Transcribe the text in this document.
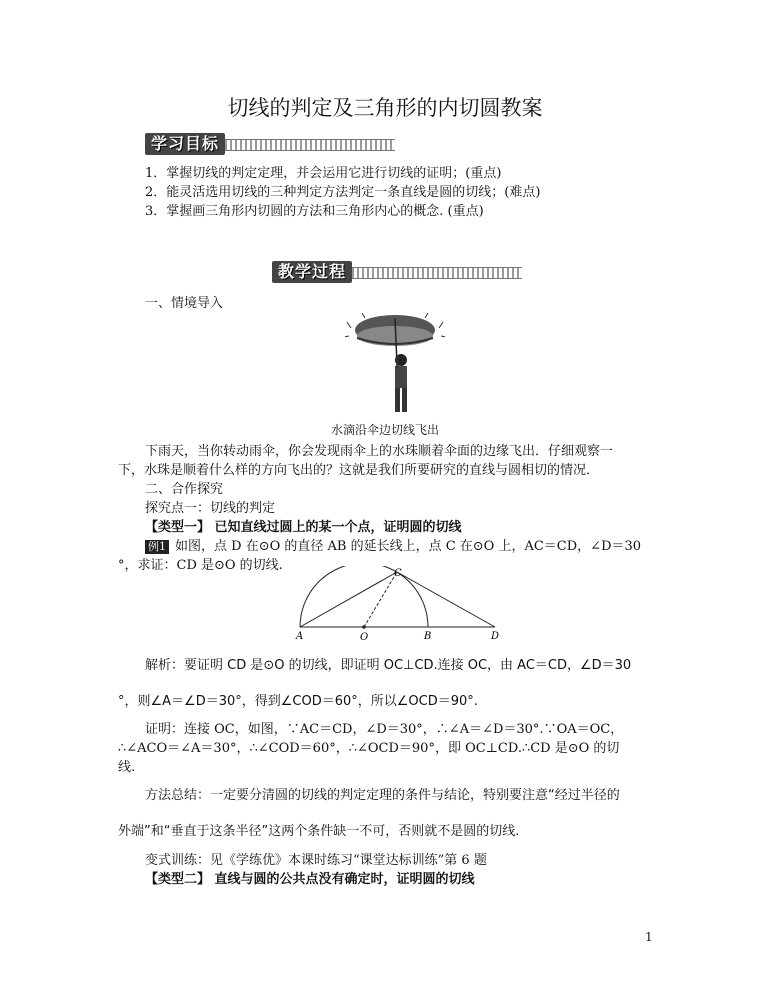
切线的判定及三角形的内切圆教案
学习目标
1．掌握切线的判定定理，并会运用它进行切线的证明；(重点)
2．能灵活选用切线的三种判定方法判定一条直线是圆的切线；(难点)
3．掌握画三角形内切圆的方法和三角形内心的概念. (重点)
教学过程
一、情境导入
水滴沿伞边切线飞出
下雨天，当你转动雨伞，你会发现雨伞上的水珠顺着伞面的边缘飞出．仔细观察一
下，水珠是顺着什么样的方向飞出的？这就是我们所要研究的直线与圆相切的情况．
二、合作探究
探究点一：切线的判定
【类型一】 已知直线过圆上的某一个点，证明圆的切线
例1 如图，点 D 在⊙O 的直径 AB 的延长线上，点 C 在⊙O 上，AC＝CD，∠D＝30
°，求证：CD 是⊙O 的切线.
A	O	B	D
C
解析：要证明 CD 是⊙O 的切线，即证明 OC⊥CD.连接 OC，由 AC＝CD，∠D＝30
°，则∠A＝∠D＝30°，得到∠COD＝60°，所以∠OCD＝90°.
证明：连接 OC，如图，∵AC＝CD，∠D＝30°，∴∠A＝∠D＝30°.∵OA＝OC，
∴∠ACO＝∠A＝30°，∴∠COD＝60°，∴∠OCD＝90°，即 OC⊥CD.∴CD 是⊙O 的切
线.
方法总结：一定要分清圆的切线的判定定理的条件与结论，特别要注意“经过半径的
外端”和“垂直于这条半径”这两个条件缺一不可，否则就不是圆的切线.
变式训练：见《学练优》本课时练习“课堂达标训练”第 6 题
【类型二】 直线与圆的公共点没有确定时，证明圆的切线
1
